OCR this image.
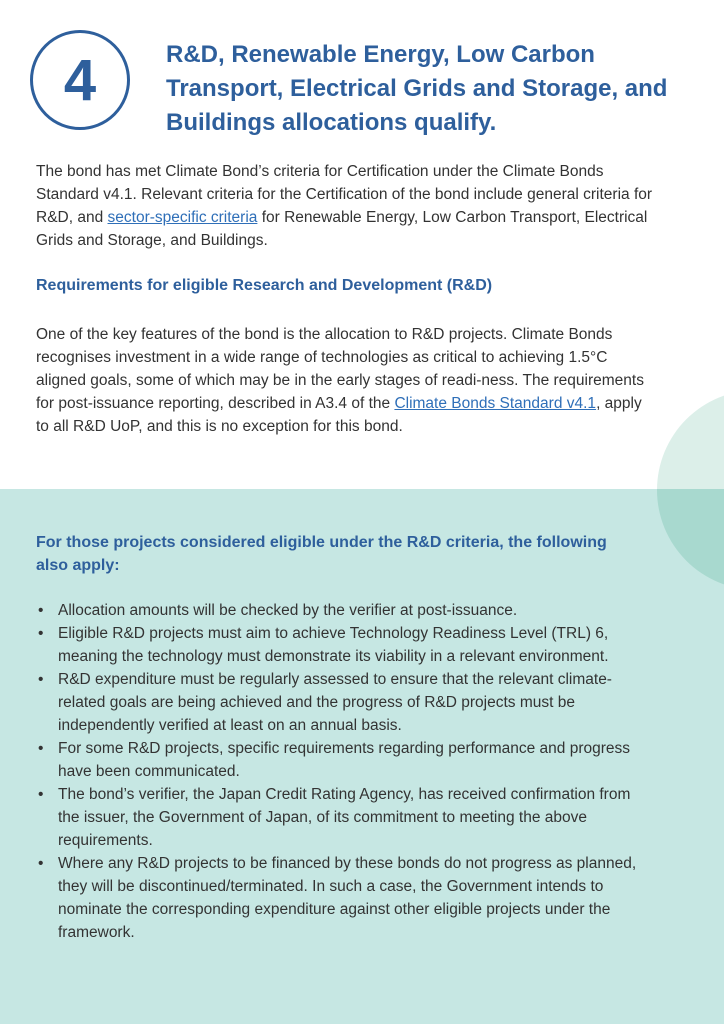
4	R&D, Renewable Energy, Low Carbon Transport, Electrical Grids and Storage, and Buildings allocations qualify.

The bond has met Climate Bond’s criteria for Certification under the Climate Bonds Standard v4.1. Relevant criteria for the Certification of the bond include general criteria for R&D, and sector-specific criteria for Renewable Energy, Low Carbon Transport, Electrical Grids and Storage, and Buildings.

Requirements for eligible Research and Development (R&D)

One of the key features of the bond is the allocation to R&D projects. Climate Bonds recognises investment in a wide range of technologies as critical to achieving 1.5°C aligned goals, some of which may be in the early stages of readi-ness. The requirements for post-issuance reporting, described in A3.4 of the Climate Bonds Standard v4.1, apply to all R&D UoP, and this is no exception for this bond.

For those projects considered eligible under the R&D criteria, the following also apply:
• Allocation amounts will be checked by the verifier at post-issuance.
• Eligible R&D projects must aim to achieve Technology Readiness Level (TRL) 6, meaning the technology must demonstrate its viability in a relevant environment.
• R&D expenditure must be regularly assessed to ensure that the relevant climate-related goals are being achieved and the progress of R&D projects must be independently verified at least on an annual basis.
• For some R&D projects, specific requirements regarding performance and progress have been communicated.
• The bond’s verifier, the Japan Credit Rating Agency, has received confirmation from the issuer, the Government of Japan, of its commitment to meeting the above requirements.
• Where any R&D projects to be financed by these bonds do not progress as planned, they will be discontinued/terminated. In such a case, the Government intends to nominate the corresponding expenditure against other eligible projects under the framework.
